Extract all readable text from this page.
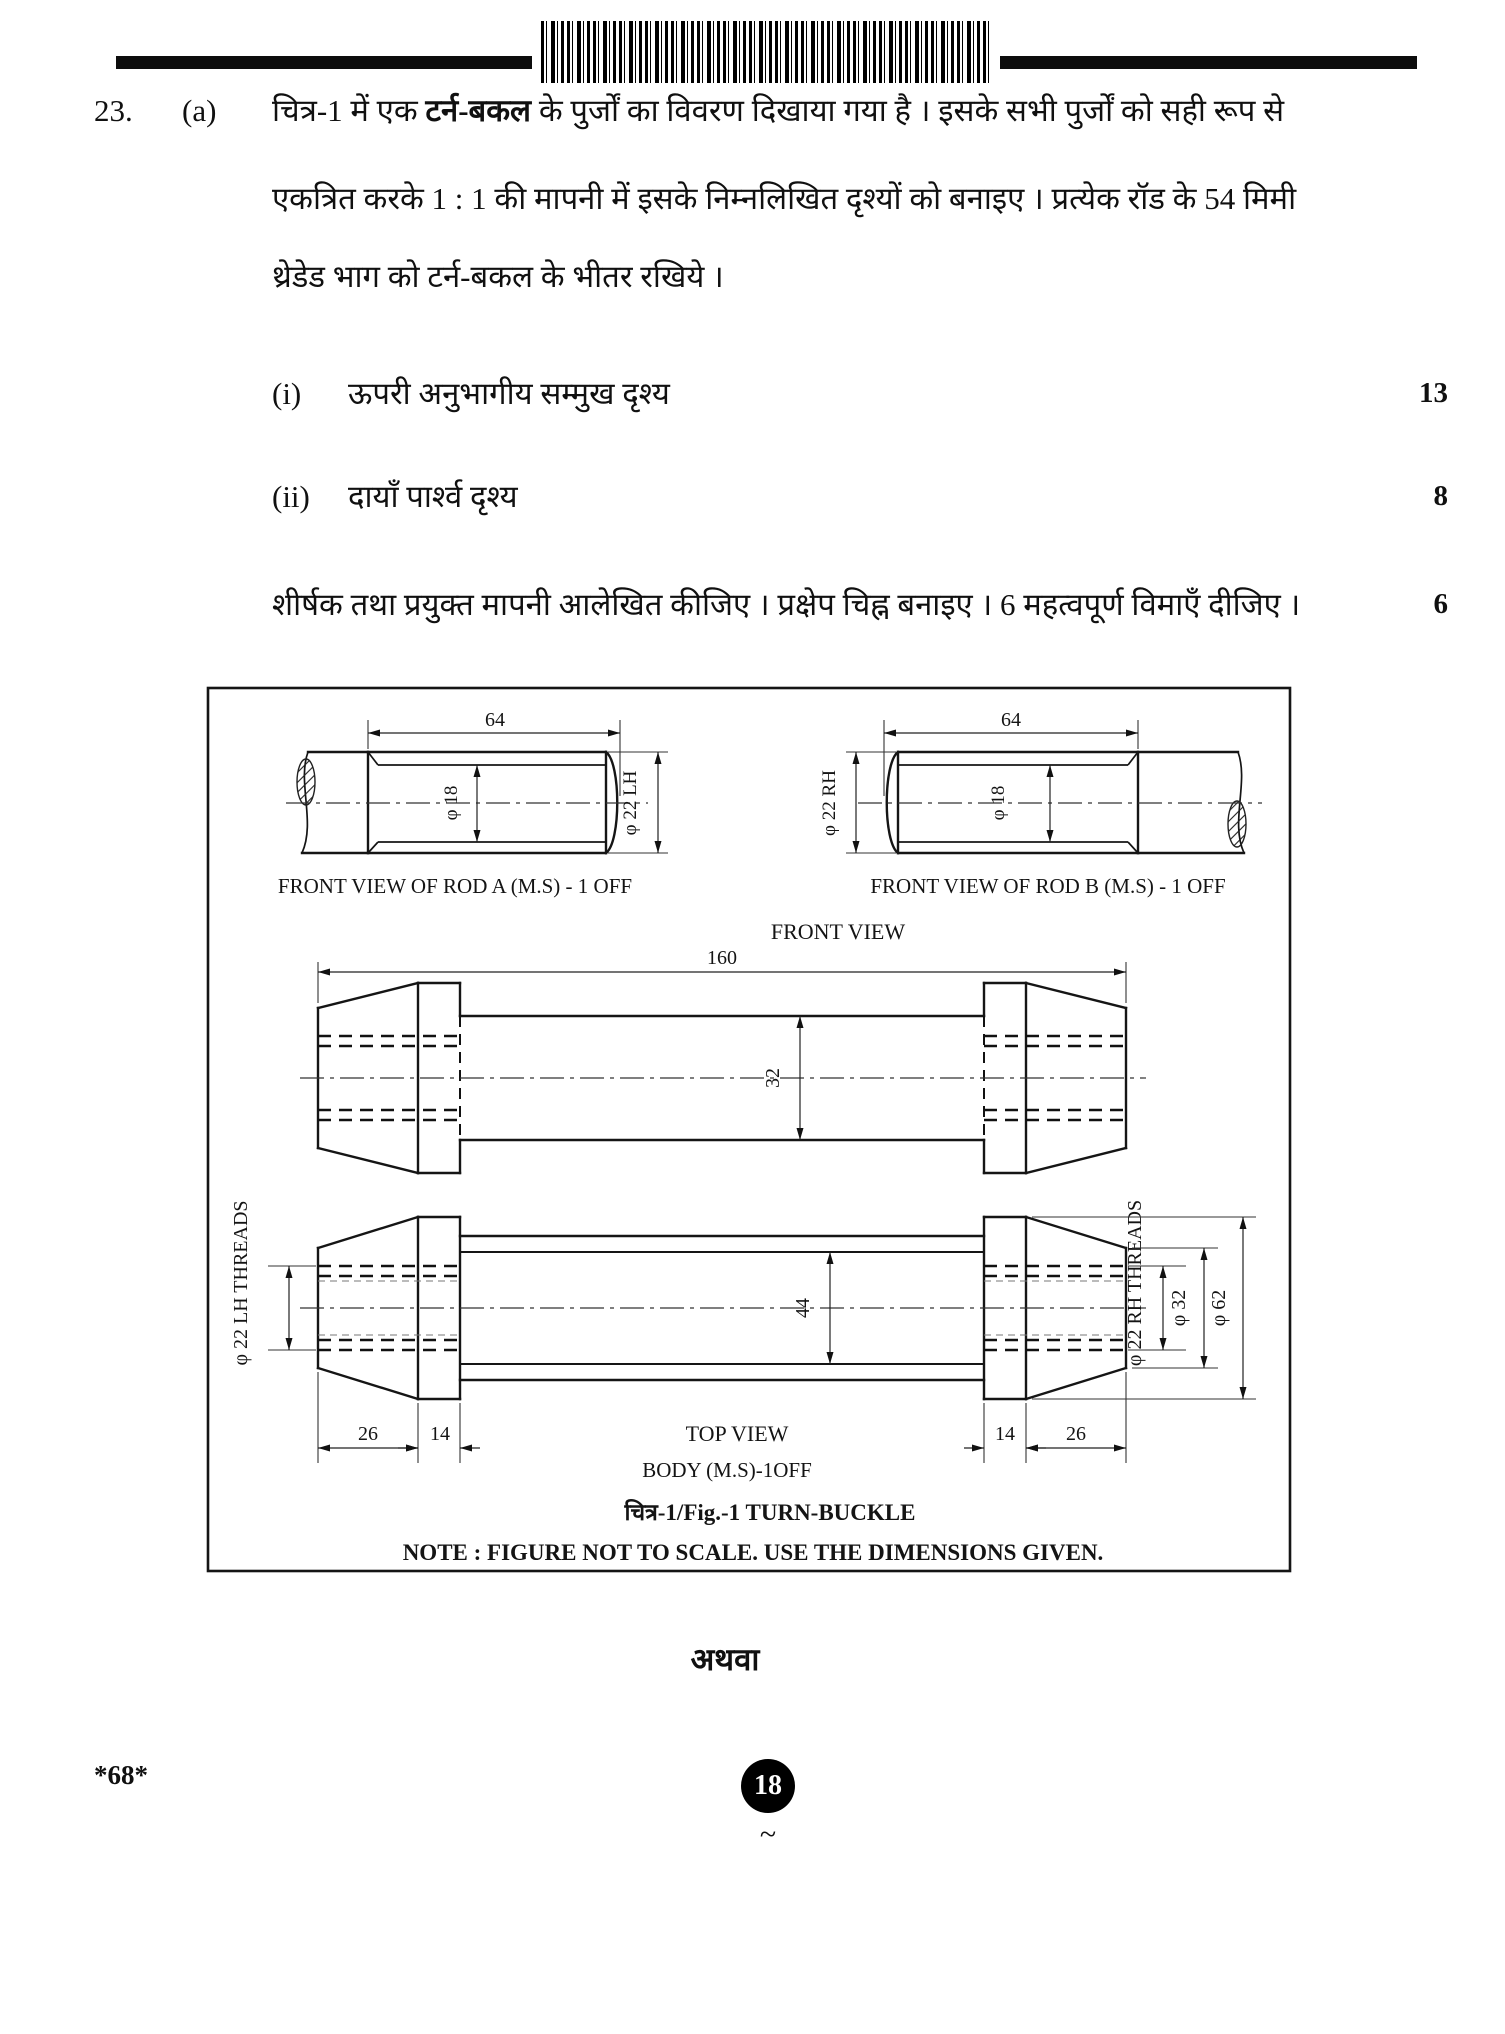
23. (a) चित्र-1 में एक टर्न-बकल के पुर्जों का विवरण दिखाया गया है । इसके सभी पुर्जों को सही रूप से
एकत्रित करके 1 : 1 की मापनी में इसके निम्नलिखित दृश्यों को बनाइए । प्रत्येक रॉड के 54 मिमी
थ्रेडेड भाग को टर्न-बकल के भीतर रखिये ।
(i) ऊपरी अनुभागीय सम्मुख दृश्य	13
(ii) दायाँ पार्श्व दृश्य	8
शीर्षक तथा प्रयुक्त मापनी आलेखित कीजिए । प्रक्षेप चिह्न बनाइए । 6 महत्वपूर्ण विमाएँ दीजिए ।	6
64
φ 18	φ 22 LH
FRONT VIEW OF ROD A (M.S) - 1 OFF
64
φ 22 RH	φ 18
FRONT VIEW OF ROD B (M.S) - 1 OFF
FRONT VIEW
160
32
44
φ 22 LH THREADS	φ 22 RH THREADS φ 32 φ 62
26	14	14	26
TOP VIEW
BODY (M.S)-1OFF
चित्र-1/Fig.-1 TURN-BUCKLE
NOTE : FIGURE NOT TO SCALE. USE THE DIMENSIONS GIVEN.
अथवा
*68*	18
~
